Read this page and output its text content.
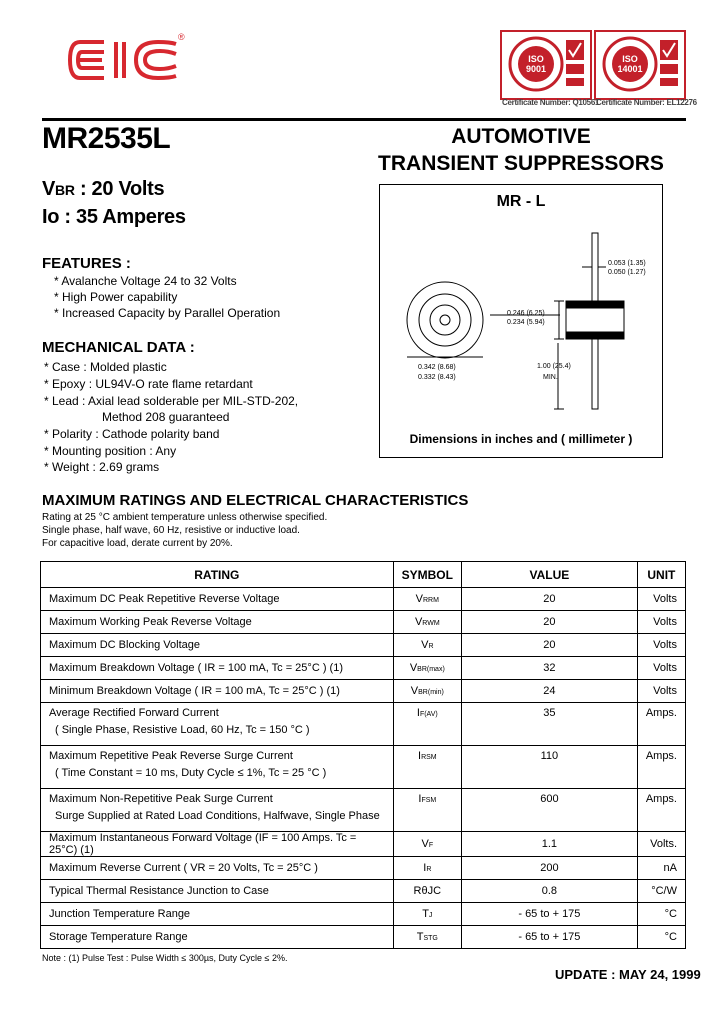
®
ISO
9001
ISO
14001
Certificate Number: Q10561
Certificate Number: EL12276
MR2535L	AUTOMOTIVE
TRANSIENT SUPPRESSORS
VBR : 20 Volts
Io : 35 Amperes
FEATURES :
* Avalanche Voltage 24 to 32 Volts
* High Power capability
* Increased Capacity by Parallel Operation
MECHANICAL DATA :
* Case : Molded plastic
* Epoxy : UL94V-O rate flame retardant
* Lead : Axial lead solderable per MIL-STD-202,
Method 208 guaranteed
* Polarity : Cathode polarity band
* Mounting position : Any
* Weight : 2.69 grams
MR - L
0.053 (1.35)
0.050 (1.27)
0.246 (6.25)
0.234 (5.94)
1.00 (25.4)
MIN.
0.342 (8.68)
0.332 (8.43)
Dimensions in inches and ( millimeter )
MAXIMUM RATINGS AND ELECTRICAL CHARACTERISTICS
Rating at 25 °C ambient temperature unless otherwise specified.
Single phase, half wave, 60 Hz, resistive or inductive load.
For capacitive load, derate current by 20%.
RATING	SYMBOL	VALUE	UNIT
Maximum DC Peak Repetitive Reverse Voltage	VRRM	20	Volts
Maximum Working Peak Reverse Voltage	VRWM	20	Volts
Maximum DC Blocking Voltage	VR	20	Volts
Maximum Breakdown Voltage ( IR = 100 mA, Tc = 25°C ) (1)	VBR(max)	32	Volts
Minimum Breakdown Voltage ( IR = 100 mA, Tc = 25°C ) (1)	VBR(min)	24	Volts
Average Rectified Forward Current
( Single Phase, Resistive Load, 60 Hz, Tc = 150 °C )	IF(AV)	35	Amps.
Maximum Repetitive Peak Reverse Surge Current
( Time Constant = 10 ms, Duty Cycle ≤ 1%, Tc = 25 °C )	IRSM	110	Amps.
Maximum Non-Repetitive Peak Surge Current
Surge Supplied at Rated Load Conditions, Halfwave, Single Phase	IFSM	600	Amps.
Maximum Instantaneous Forward Voltage (IF = 100 Amps. Tc = 25°C) (1)	VF	1.1	Volts.
Maximum Reverse Current ( VR = 20 Volts, Tc = 25°C )	IR	200	nA
Typical Thermal Resistance Junction to Case	RθJC	0.8	°C/W
Junction Temperature Range	TJ	- 65 to + 175	°C
Storage Temperature Range	TSTG	- 65 to + 175	°C
Note : (1) Pulse Test : Pulse Width ≤ 300µs, Duty Cycle ≤ 2%.
UPDATE : MAY 24, 1999
